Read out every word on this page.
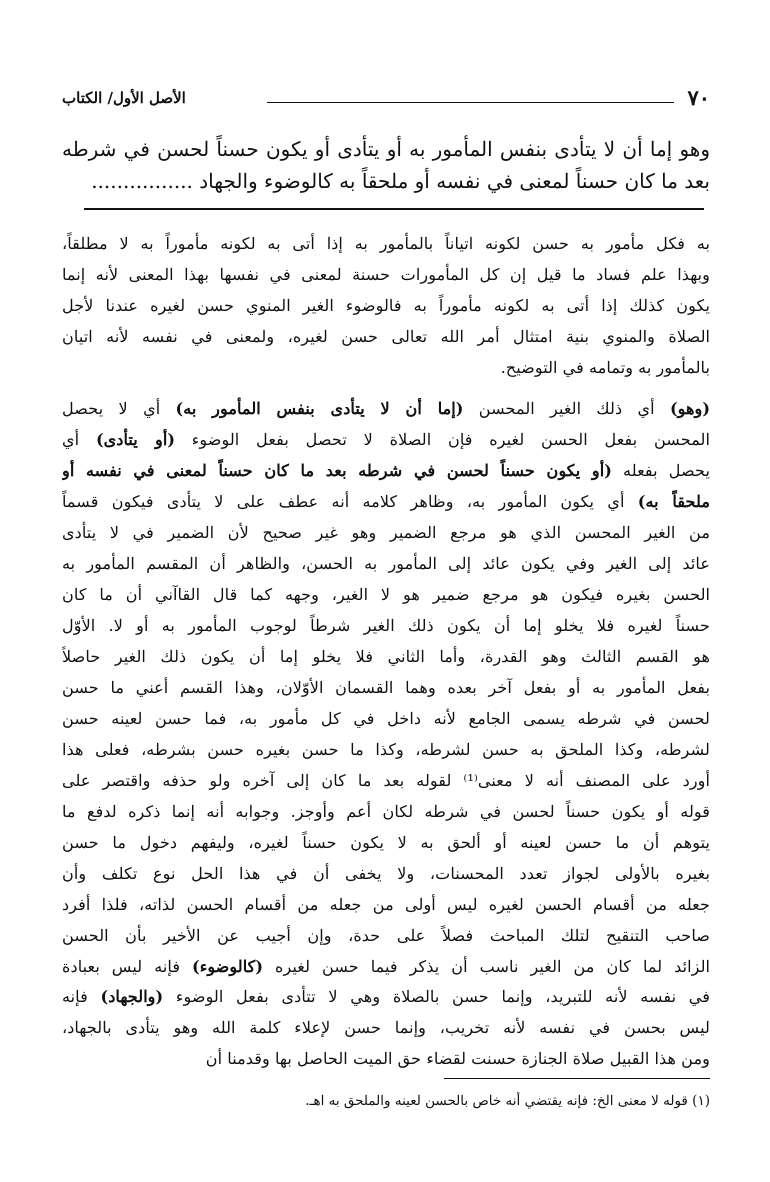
٧٠
الأصل الأول/ الكتاب
وهو إما أن لا يتأدى بنفس المأمور به أو يتأدى أو يكون حسناً لحسن في شرطه
بعد ما كان حسناً لمعنى في نفسه أو ملحقاً به كالوضوء والجهاد ................
به فكل مأمور به حسن لكونه اتياناً بالمأمور به إذا أتى به لكونه مأموراً به لا مطلقاً،
وبهذا علم فساد ما قيل إن كل المأمورات حسنة لمعنى في نفسها بهذا المعنى لأنه إنما
يكون كذلك إذا أتى به لكونه مأموراً به فالوضوء الغير المنوي حسن لغيره عندنا لأجل
الصلاة والمنوي بنية امتثال أمر الله تعالى حسن لغيره، ولمعنى في نفسه لأنه اتيان
بالمأمور به وتمامه في التوضيح.
(وهو) أي ذلك الغير المحسن (إما أن لا يتأدى بنفس المأمور به) أي لا يحصل
المحسن بفعل الحسن لغيره فإن الصلاة لا تحصل بفعل الوضوء (أو يتأدى) أي
يحصل بفعله (أو يكون حسناً لحسن في شرطه بعد ما كان حسناً لمعنى في نفسه أو
ملحقاً به) أي يكون المأمور به، وظاهر كلامه أنه عطف على لا يتأدى فيكون قسماً
من الغير المحسن الذي هو مرجع الضمير وهو غير صحيح لأن الضمير في لا يتأدى
عائد إلى الغير وفي يكون عائد إلى المأمور به الحسن، والظاهر أن المقسم المأمور به
الحسن بغيره فيكون هو مرجع ضمير هو لا الغير، وجهه كما قال القاآني أن ما كان
حسناً لغيره فلا يخلو إما أن يكون ذلك الغير شرطاً لوجوب المأمور به أو لا. الأوّل
هو القسم الثالث وهو القدرة، وأما الثاني فلا يخلو إما أن يكون ذلك الغير حاصلاً
بفعل المأمور به أو بفعل آخر بعده وهما القسمان الأوّلان، وهذا القسم أعني ما حسن
لحسن في شرطه يسمى الجامع لأنه داخل في كل مأمور به، فما حسن لعينه حسن
لشرطه، وكذا الملحق به حسن لشرطه، وكذا ما حسن بغيره حسن بشرطه، فعلى هذا
أورد على المصنف أنه لا معنى⁽¹⁾ لقوله بعد ما كان إلى آخره ولو حذفه واقتصر على
قوله أو يكون حسناً لحسن في شرطه لكان أعم وأوجز. وجوابه أنه إنما ذكره لدفع ما
يتوهم أن ما حسن لعينه أو ألحق به لا يكون حسناً لغيره، وليفهم دخول ما حسن
بغيره بالأولى لجواز تعدد المحسنات، ولا يخفى أن في هذا الحل نوع تكلف وأن
جعله من أقسام الحسن لغيره ليس أولى من جعله من أقسام الحسن لذاته، فلذا أفرد
صاحب التنقيح لتلك المباحث فصلاً على حدة، وإن أجيب عن الأخير بأن الحسن
الزائد لما كان من الغير ناسب أن يذكر فيما حسن لغيره (كالوضوء) فإنه ليس بعبادة
في نفسه لأنه للتبريد، وإنما حسن بالصلاة وهي لا تتأدى بفعل الوضوء (والجهاد) فإنه
ليس بحسن في نفسه لأنه تخريب، وإنما حسن لإعلاء كلمة الله وهو يتأدى بالجهاد،
ومن هذا القبيل صلاة الجنازة حسنت لقضاء حق الميت الحاصل بها وقدمنا أن
(١) قوله لا معنى الخ: فإنه يقتضي أنه خاص بالحسن لعينه والملحق به اهـ.
